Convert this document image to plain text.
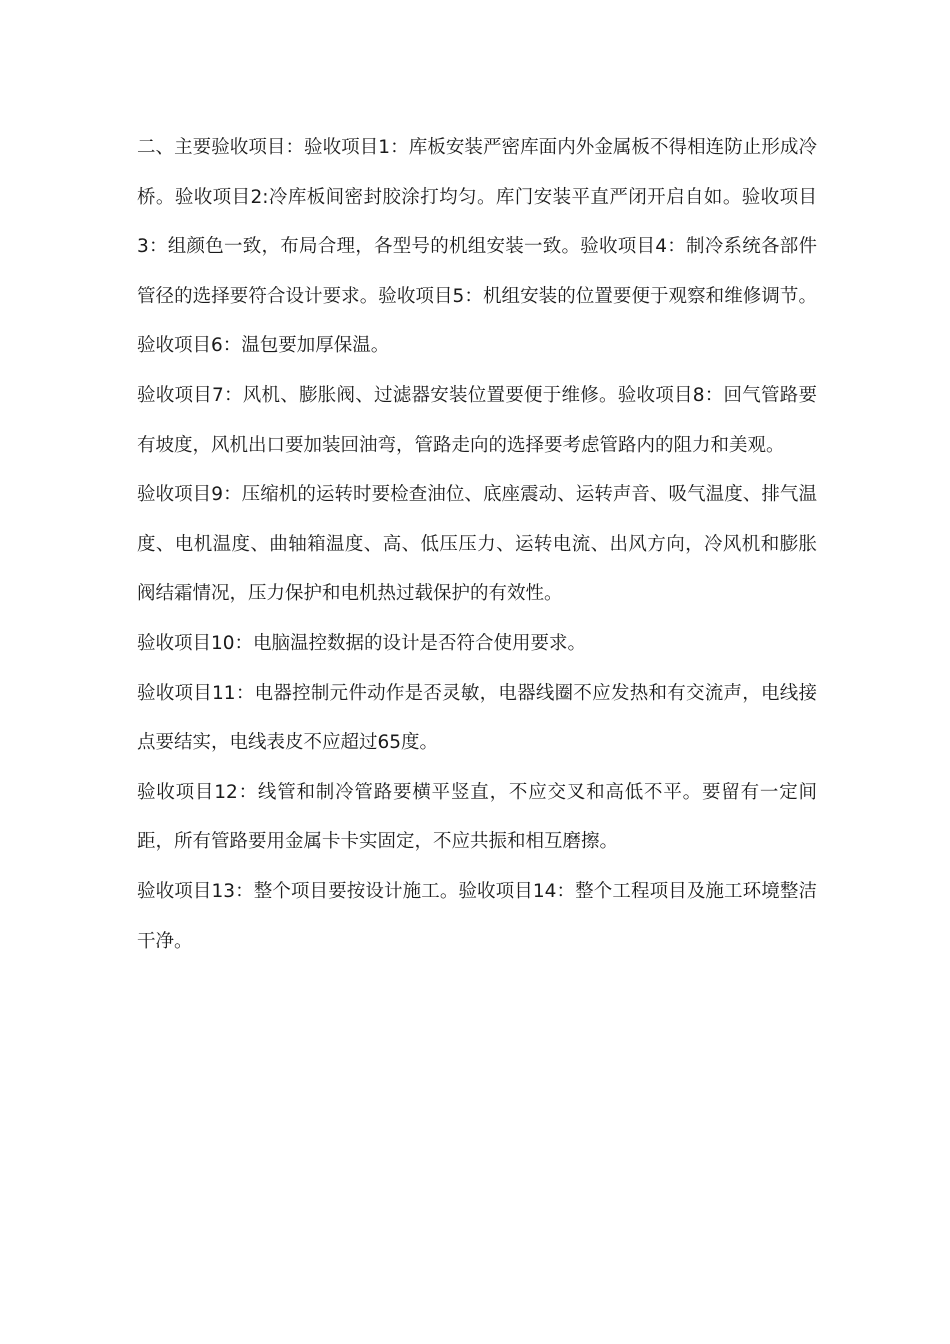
二、主要验收项目：验收项目1：库板安装严密库面内外金属板不得相连防止形成冷桥。验收项目2:冷库板间密封胶涂打均匀。库门安装平直严闭开启自如。验收项目3：组颜色一致，布局合理，各型号的机组安装一致。验收项目4：制冷系统各部件管径的选择要符合设计要求。验收项目5：机组安装的位置要便于观察和维修调节。验收项目6：温包要加厚保温。

验收项目7：风机、膨胀阀、过滤器安装位置要便于维修。验收项目8：回气管路要有坡度，风机出口要加装回油弯，管路走向的选择要考虑管路内的阻力和美观。

验收项目9：压缩机的运转时要检查油位、底座震动、运转声音、吸气温度、排气温度、电机温度、曲轴箱温度、高、低压压力、运转电流、出风方向，冷风机和膨胀阀结霜情况，压力保护和电机热过载保护的有效性。

验收项目10：电脑温控数据的设计是否符合使用要求。

验收项目11：电器控制元件动作是否灵敏，电器线圈不应发热和有交流声，电线接点要结实，电线表皮不应超过65度。

验收项目12：线管和制冷管路要横平竖直，不应交叉和高低不平。要留有一定间距，所有管路要用金属卡卡实固定，不应共振和相互磨擦。

验收项目13：整个项目要按设计施工。验收项目14：整个工程项目及施工环境整洁干净。
